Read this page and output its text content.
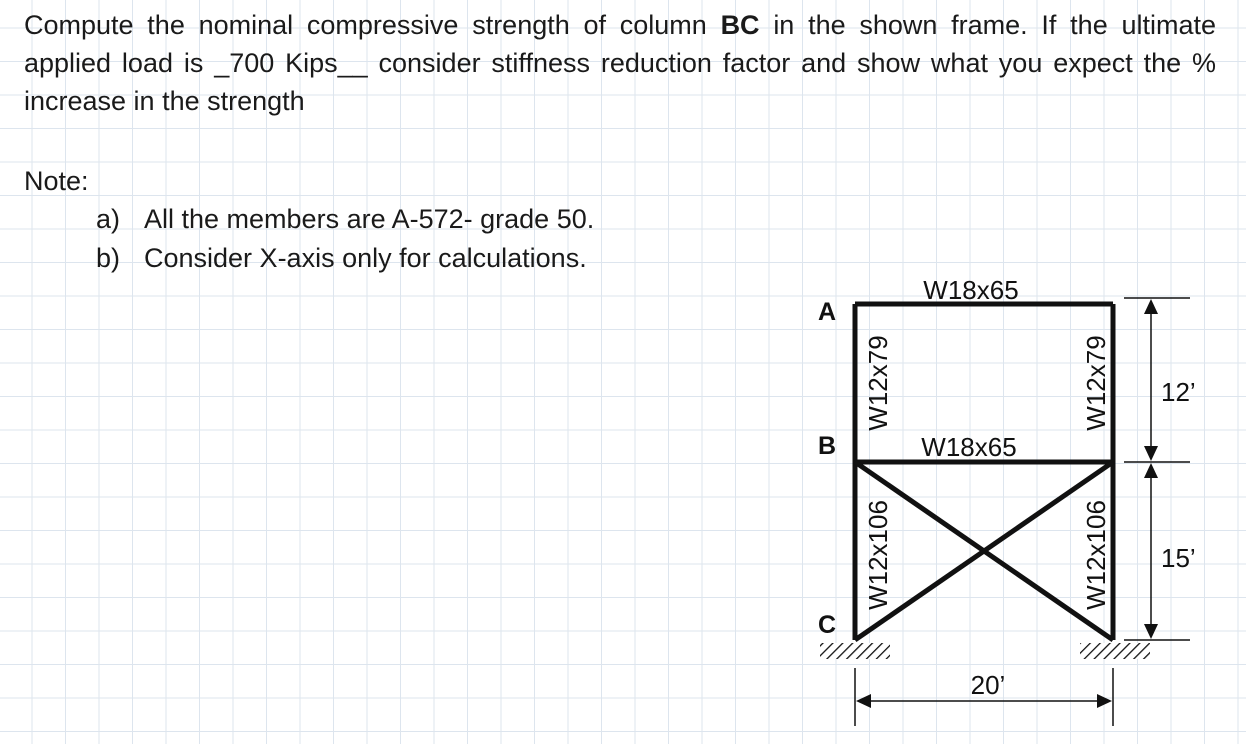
Compute the nominal compressive strength of column BC in the shown frame. If the ultimate applied load is _700 Kips__ consider stiffness reduction factor and show what you expect the % increase in the strength
Note:
a) All the members are A-572- grade 50.
b) Consider X-axis only for calculations.
A
B
C
W18x65
W18x65
W12x79
W12x106
W12x79
W12x106
12’
15’
20’
